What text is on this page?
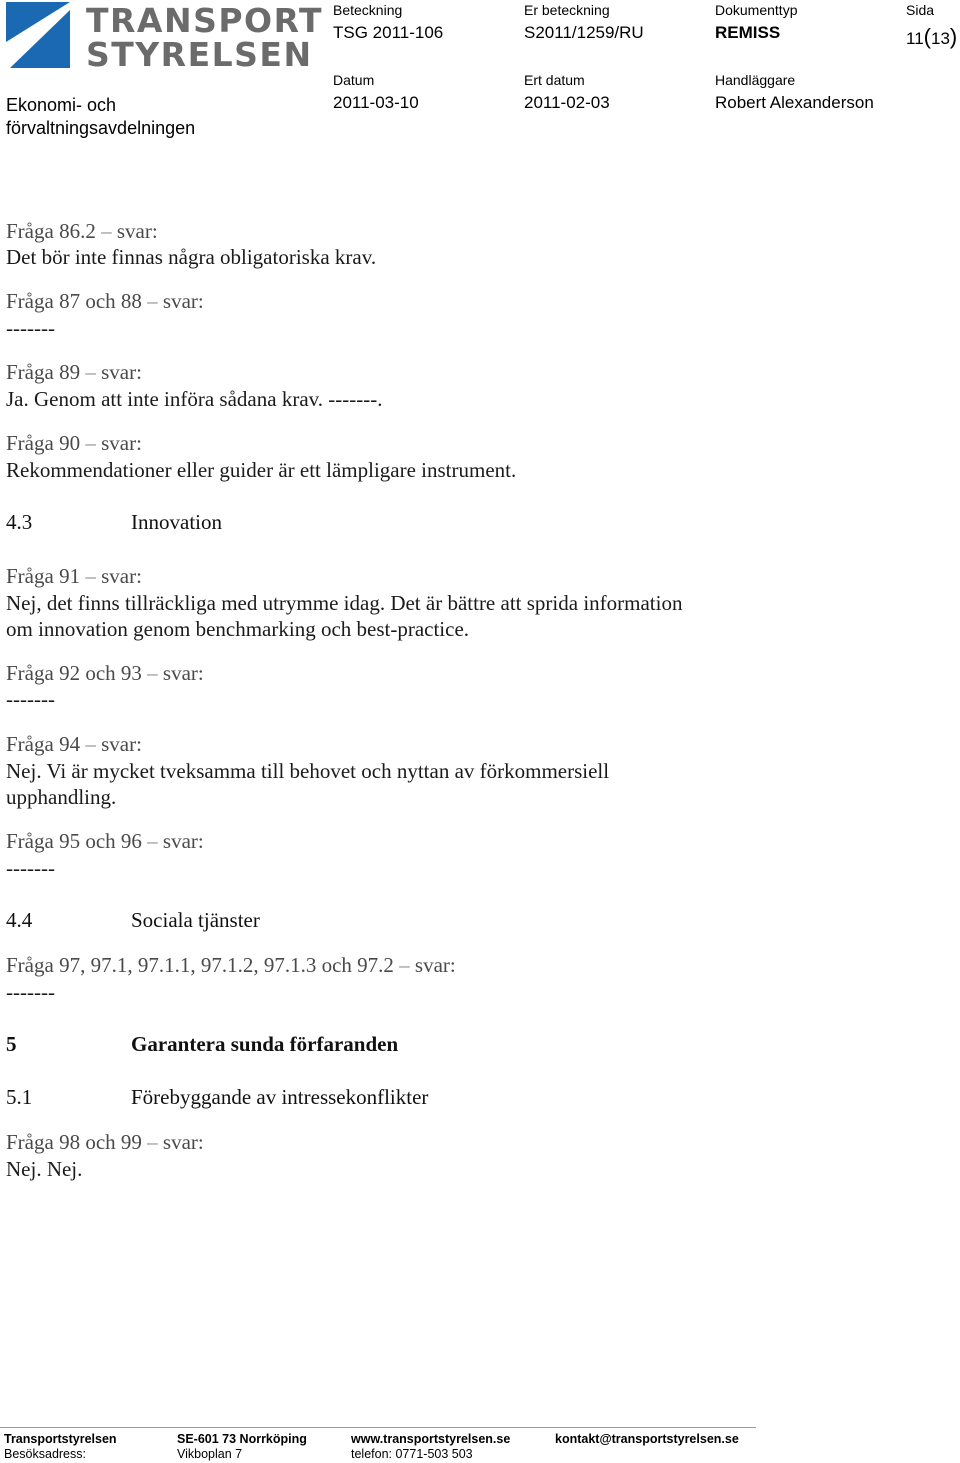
TRANSPORT
STYRELSEN
Ekonomi- och förvaltningsavdelningen
Beteckning
TSG 2011-106
Er beteckning
S2011/1259/RU
Dokumenttyp
REMISS
Sida
11(13)
Datum
2011-03-10
Ert datum
2011-02-03
Handläggare
Robert Alexanderson
Fråga 86.2 – svar:
Det bör inte finnas några obligatoriska krav.
Fråga 87 och 88 – svar:
-------
Fråga 89 – svar:
Ja. Genom att inte införa sådana krav. -------.
Fråga 90 – svar:
Rekommendationer eller guider är ett lämpligare instrument.
4.3	Innovation
Fråga 91 – svar:
Nej, det finns tillräckliga med utrymme idag. Det är bättre att sprida information
om innovation genom benchmarking och best-practice.
Fråga 92 och 93 – svar:
-------
Fråga 94 – svar:
Nej. Vi är mycket tveksamma till behovet och nyttan av förkommersiell
upphandling.
Fråga 95 och 96 – svar:
-------
4.4	Sociala tjänster
Fråga 97, 97.1, 97.1.1, 97.1.2, 97.1.3 och 97.2 – svar:
-------
5	Garantera sunda förfaranden
5.1	Förebyggande av intressekonflikter
Fråga 98 och 99 – svar:
Nej. Nej.
Transportstyrelsen
Besöksadress:
SE-601 73 Norrköping
Vikboplan 7
www.transportstyrelsen.se
telefon: 0771-503 503
kontakt@transportstyrelsen.se
